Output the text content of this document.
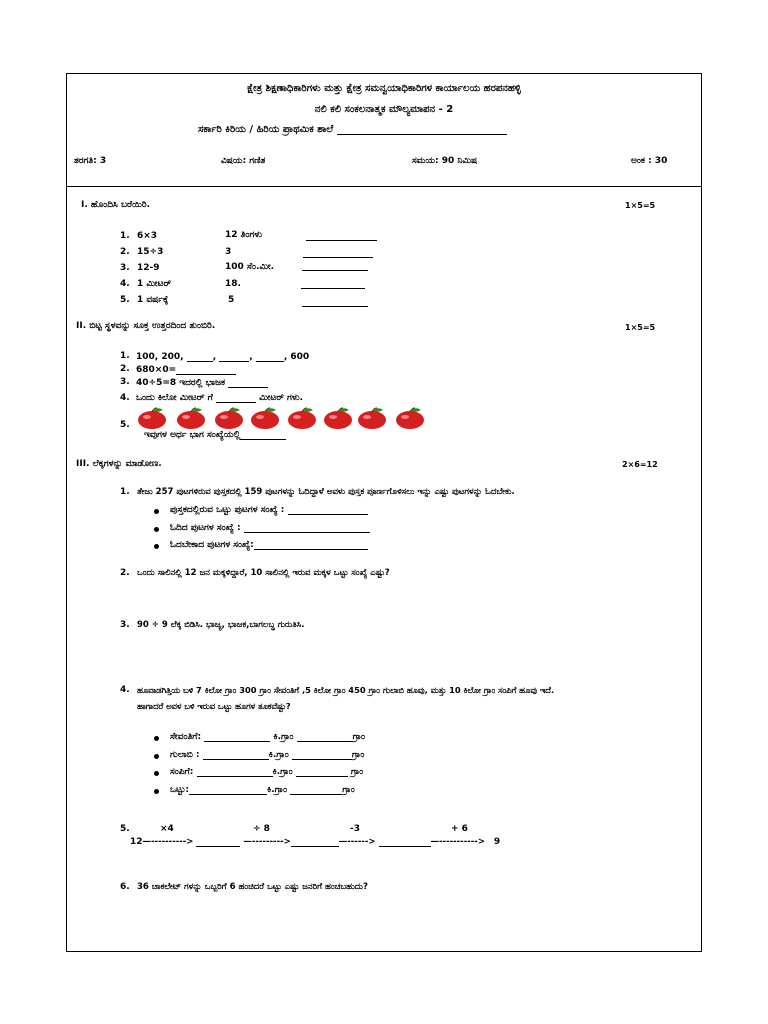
ಕ್ಷೇತ್ರ ಶಿಕ್ಷಣಾಧಿಕಾರಿಗಳು ಮತ್ತು ಕ್ಷೇತ್ರ ಸಮನ್ವಯಾಧಿಕಾರಿಗಳ ಕಾರ್ಯಾಲಯ ಹರಪನಹಳ್ಳಿ
ನಲಿ ಕಲಿ ಸಂಕಲನಾತ್ಮಕ ಮೌಲ್ಯಮಾಪನ - 2
ಸರ್ಕಾರಿ ಕಿರಿಯ / ಹಿರಿಯ ಪ್ರಾಥಮಿಕ ಶಾಲೆ
ತರಗತಿ: 3	ವಿಷಯ: ಗಣಿತ	ಸಮಯ: 90 ನಿಮಿಷ	ಅಂಕ : 30
I. ಹೊಂದಿಸಿ ಬರೆಯಿರಿ.	1×5=5
1. 6×3	12 ತಿಂಗಳು
2. 15÷3	3
3. 12-9	100 ಸೆಂ.ಮೀ.
4. 1 ಮೀಟರ್	18.
5. 1 ವರ್ಷಕ್ಕೆ	5
II. ಬಿಟ್ಟ ಸ್ಥಳವನ್ನು ಸೂಕ್ತ ಉತ್ತರದಿಂದ ತುಂಬಿರಿ.	1×5=5
1. 100, 200,	,	,	, 600
2. 680×0=
3. 40÷5=8 ಇದರಲ್ಲಿ ಭಾಜಕ
4. ಒಂದು ಕಿಲೋ ಮೀಟರ್ ಗೆ	ಮೀಟರ್ ಗಳು.
5.
ಇವುಗಳ ಅರ್ಧ ಭಾಗ ಸಂಖ್ಯೆಯಲ್ಲಿ
III. ಲೆಕ್ಕಗಳನ್ನು ಮಾಡೋಣ.	2×6=12
1. ತೇಜು 257 ಪುಟಗಳಿರುವ ಪುಸ್ತಕದಲ್ಲಿ 159 ಪುಟಗಳನ್ನು ಓದಿದ್ದಾಳೆ ಅವಳು ಪುಸ್ತಕ ಪೂರ್ಣಗೊಳಿಸಲು ಇನ್ನು ಎಷ್ಟು ಪುಟಗಳನ್ನು ಓದಬೇಕು.
ಪುಸ್ತಕದಲ್ಲಿರುವ ಒಟ್ಟು ಪುಟಗಳ ಸಂಖ್ಯೆ :
ಓದಿದ ಪುಟಗಳ ಸಂಖ್ಯೆ :
ಓದಬೇಕಾದ ಪುಟಗಳ ಸಂಖ್ಯೆ:
2. ಒಂದು ಸಾಲಿನಲ್ಲಿ 12 ಜನ ಮಕ್ಕಳಿದ್ದಾರೆ, 10 ಸಾಲಿನಲ್ಲಿ ಇರುವ ಮಕ್ಕಳ ಒಟ್ಟು ಸಂಖ್ಯೆ ಎಷ್ಟು?
3. 90 ÷ 9 ಲೆಕ್ಕ ಬಿಡಿಸಿ. ಭಾಜ್ಯ, ಭಾಜಕ,ಬಾಗಲಬ್ಧ ಗುರುತಿಸಿ.
4. ಹೂವಾಡಗಿತ್ತಿಯ ಬಳಿ 7 ಕಿಲೋ ಗ್ರಾಂ 300 ಗ್ರಾಂ ಸೇವಂತಿಗೆ ,5 ಕಿಲೋ ಗ್ರಾಂ 450 ಗ್ರಾಂ ಗುಲಾಬಿ ಹೂವು, ಮತ್ತು 10 ಕಿಲೋ ಗ್ರಾಂ ಸಂಪಿಗೆ ಹೂವು ಇದೆ.
ಹಾಗಾದರೆ ಅವಳ ಬಳಿ ಇರುವ ಒಟ್ಟು ಹೂಗಳ ತೂಕವೆಷ್ಟು?
ಸೇವಂತಿಗೆ:	ಕಿ.ಗ್ರಾಂ	ಗ್ರಾಂ
ಗುಲಾಬಿ :	ಕಿ.ಗ್ರಾಂ	ಗ್ರಾಂ
ಸಂಪಿಗೆ:	ಕಿ.ಗ್ರಾಂ	ಗ್ರಾಂ
ಒಟ್ಟು:	ಕಿ.ಗ್ರಾಂ	ಗ್ರಾಂ
5.	×4	÷ 8	-3	+ 6
12—---------->	—--------->	—------>	—-----------> 9
6. 36 ಚಾಕಲೇಟ್ ಗಳನ್ನು ಒಬ್ಬರಿಗೆ 6 ಹಂಚಿದರೆ ಒಟ್ಟು ಎಷ್ಟು ಜನರಿಗೆ ಹಂಚಬಹುದು?
